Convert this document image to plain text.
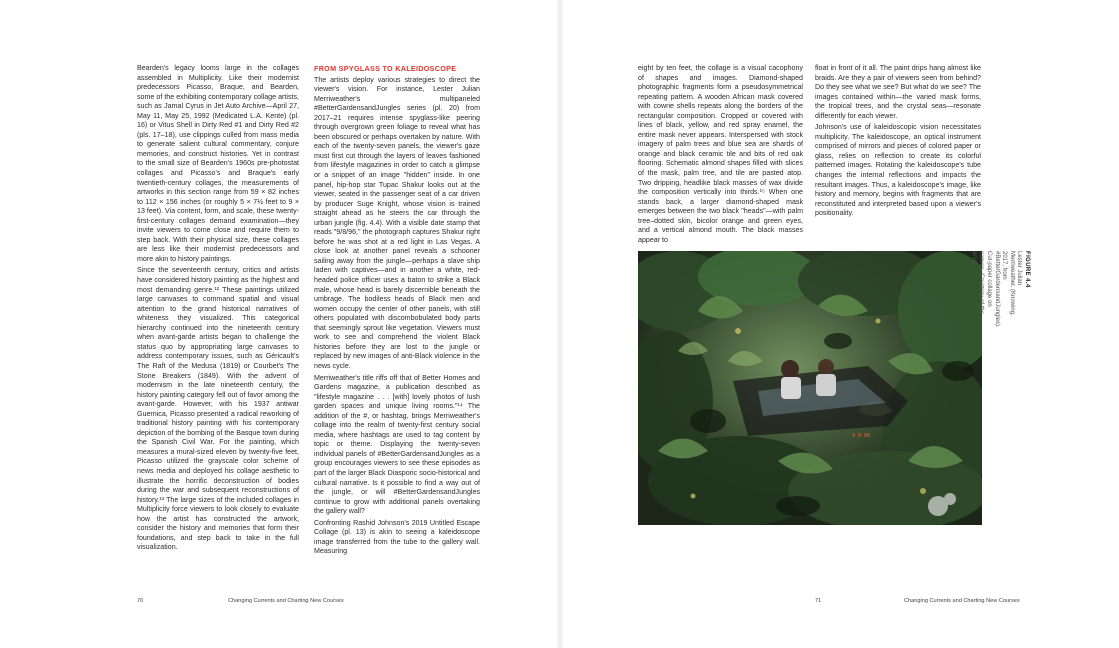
Bearden's legacy looms large in the collages assembled in Multiplicity. Like their modernist predecessors Picasso, Braque, and Bearden, some of the exhibiting contemporary collage artists, such as Jamal Cyrus in Jet Auto Archive—April 27, May 11, May 25, 1992 (Medicated L.A. Kente) (pl. 16) or Vitus Shell in Dirty Red #1 and Dirty Red #2 (pls. 17–18), use clippings culled from mass media to generate salient cultural commentary, conjure memories, and construct histories. Yet in contrast to the small size of Bearden's 1960s pre-photostat collages and Picasso's and Braque's early twentieth-century collages, the measurements of artworks in this section range from 59 × 82 inches to 112 × 156 inches (or roughly 5 × 7½ feet to 9 × 13 feet). Via content, form, and scale, these twenty-first-century collages demand examination—they invite viewers to come close and require them to step back. With their physical size, these collages are less like their modernist predecessors and more akin to history paintings.

Since the seventeenth century, critics and artists have considered history painting as the highest and most demanding genre.¹² These paintings utilized large canvases to command spatial and visual attention to the grand historical narratives of whiteness they visualized. This categorical hierarchy continued into the nineteenth century when avant-garde artists began to challenge the status quo by appropriating large canvases to address contemporary issues, such as Géricault's The Raft of the Medusa (1819) or Courbet's The Stone Breakers (1849). With the advent of modernism in the late nineteenth century, the history painting category fell out of favor among the avant-garde. However, with his 1937 antiwar Guernica, Picasso presented a radical reworking of traditional history painting with his contemporary depiction of the bombing of the Basque town during the Spanish Civil War. For the painting, which measures a mural-sized eleven by twenty-five feet, Picasso utilized the grayscale color scheme of news media and deployed his collage aesthetic to illustrate the horrific deconstruction of bodies during the war and subsequent reconstructions of history.¹³ The large sizes of the included collages in Multiplicity force viewers to look closely to evaluate how the artist has constructed the artwork, consider the history and memories that form their foundations, and step back to take in the full visualization.

FROM SPYGLASS TO KALEIDOSCOPE

The artists deploy various strategies to direct the viewer's vision. For instance, Lester Julian Merriweather's multipaneled #BetterGardensandJungles series (pl. 20) from 2017–21 requires intense spyglass-like peering through overgrown green foliage to reveal what has been obscured or perhaps overtaken by nature. With each of the twenty-seven panels, the viewer's gaze must first cut through the layers of leaves fashioned from lifestyle magazines in order to catch a glimpse or a snippet of an image "hidden" inside. In one panel, hip-hop star Tupac Shakur looks out at the viewer, seated in the passenger seat of a car driven by producer Suge Knight, whose vision is trained straight ahead as he steers the car through the urban jungle (fig. 4.4). With a visible date stamp that reads "9/8/96," the photograph captures Shakur right before he was shot at a red light in Las Vegas. A close look at another panel reveals a schooner sailing away from the jungle—perhaps a slave ship laden with captives—and in another a white, red-headed police officer uses a baton to strike a Black male, whose head is barely discernible beneath the umbrage. The bodiless heads of Black men and women occupy the center of other panels, with still others populated with discombobulated body parts that seemingly sprout like vegetation. Viewers must work to see and comprehend the violent Black histories before they are lost to the jungle or replaced by new images of anti-Black violence in the news cycle.

Merriweather's title riffs off that of Better Homes and Gardens magazine, a publication described as "lifestyle magazine . . . [with] lovely photos of lush garden spaces and unique living rooms."¹⁴ The addition of the #, or hashtag, brings Merriweather's collage into the realm of twenty-first century social media, where hashtags are used to tag content by topic or theme. Displaying the twenty-seven individual panels of #BetterGardensandJungles as a group encourages viewers to see these episodes as part of the larger Black Diasporic socio-historical and cultural narrative. Is it possible to find a way out of the jungle, or will #BetterGardensandJungles continue to grow with additional panels overtaking the gallery wall?

Confronting Rashid Johnson's 2019 Untitled Escape Collage (pl. 13) is akin to seeing a kaleidoscope image transferred from the tube to the gallery wall. Measuring

70	Changing Currents and Charting New Courses

eight by ten feet, the collage is a visual cacophony of shapes and images. Diamond-shaped photographic fragments form a pseudosymmetrical repeating pattern. A wooden African mask covered with cowrie shells repeats along the borders of the rectangular composition. Cropped or covered with lines of black, yellow, and red spray enamel, the entire mask never appears. Interspersed with stock imagery of palm trees and blue sea are shards of orange and black ceramic tile and bits of red oak flooring. Schematic almond shapes filled with slices of the mask, palm tree, and tile are pasted atop. Two dripping, headlike black masses of wax divide the composition vertically into thirds.¹⁵ When one stands back, a larger diamond-shaped mask emerges between the two black "heads"—with palm tree–dotted skin, bicolor orange and green eyes, and a vertical almond mouth. The black masses appear to

float in front of it all. The paint drips hang almost like braids. Are they a pair of viewers seen from behind? Do they see what we see? But what do we see? The images contained within—the varied mask forms, the tropical trees, and the crystal seas—resonate differently for each viewer.

Johnson's use of kaleidoscopic vision necessitates multiplicity. The kaleidoscope, an optical instrument comprised of mirrors and pieces of colored paper or glass, relies on reflection to create its colorful patterned images. Rotating the kaleidoscope's tube changes the internal reflections and impacts the resultant images. Thus, a kaleidoscope's image, like history and memory, begins with fragments that are reconstituted and interpreted based upon a viewer's positionality.

9 8 96
FIGURE 4.4
Lester Julian Merriweather, (Knowing, 2017, from #BetterGardensandJungles). Cut-paper collage on canvas. Courtesy of the artist.
71	Changing Currents and Charting New Courses
